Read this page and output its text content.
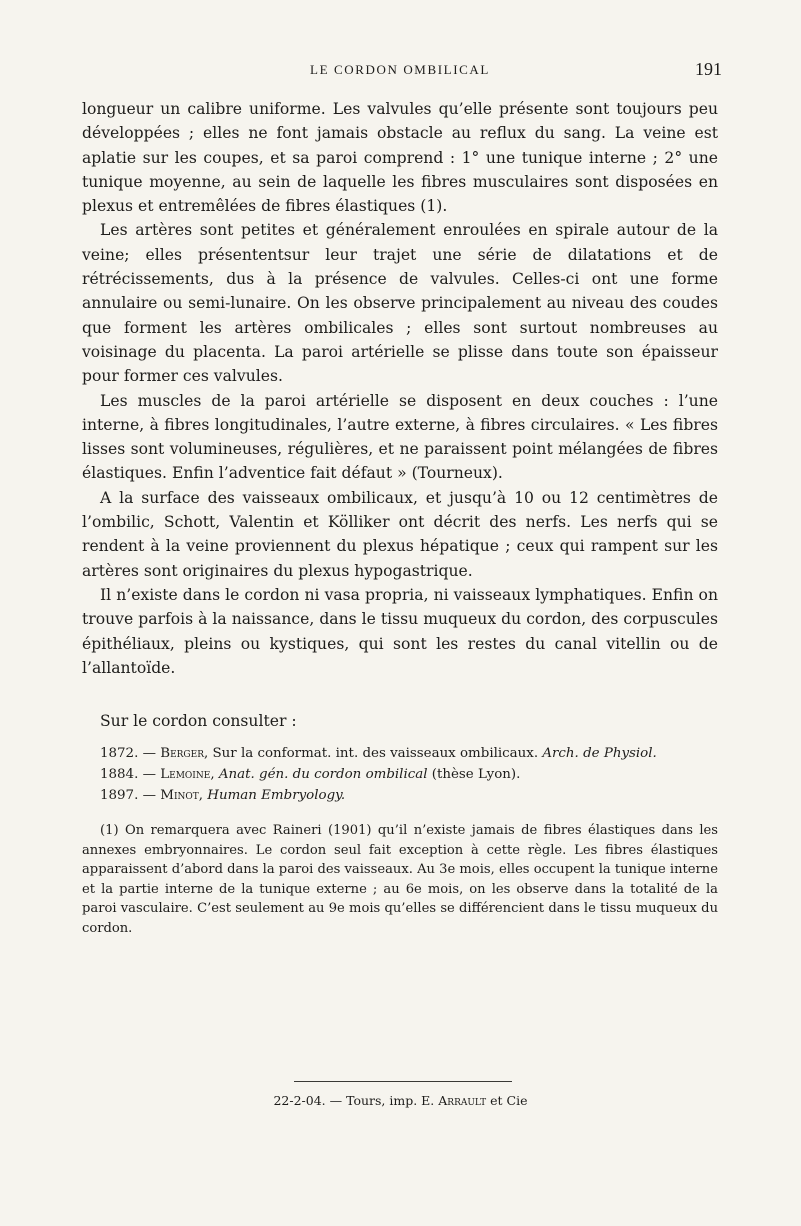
LE CORDON OMBILICAL	191

longueur un calibre uniforme. Les valvules qu’elle présente sont toujours peu développées ; elles ne font jamais obstacle au reflux du sang. La veine est aplatie sur les coupes, et sa paroi comprend : 1° une tunique interne ; 2° une tunique moyenne, au sein de laquelle les fibres musculaires sont disposées en plexus et entremêlées de fibres élastiques (1).

Les artères sont petites et généralement enroulées en spirale autour de la veine; elles présententsur leur trajet une série de dilatations et de rétrécissements, dus à la présence de valvules. Celles-ci ont une forme annulaire ou semi-lunaire. On les observe principalement au niveau des coudes que forment les artères ombilicales ; elles sont surtout nombreuses au voisinage du placenta. La paroi artérielle se plisse dans toute son épaisseur pour former ces valvules.

Les muscles de la paroi artérielle se disposent en deux couches : l’une interne, à fibres longitudinales, l’autre externe, à fibres circulaires. « Les fibres lisses sont volumineuses, régulières, et ne paraissent point mélangées de fibres élastiques. Enfin l’adventice fait défaut » (Tourneux).

A la surface des vaisseaux ombilicaux, et jusqu’à 10 ou 12 centimètres de l’ombilic, Schott, Valentin et Kölliker ont décrit des nerfs. Les nerfs qui se rendent à la veine proviennent du plexus hépatique ; ceux qui rampent sur les artères sont originaires du plexus hypogastrique.

Il n’existe dans le cordon ni vasa propria, ni vaisseaux lymphatiques. Enfin on trouve parfois à la naissance, dans le tissu muqueux du cordon, des corpuscules épithéliaux, pleins ou kystiques, qui sont les restes du canal vitellin ou de l’allantoïde.

Sur le cordon consulter :
1872. — Berger, Sur la conformat. int. des vaisseaux ombilicaux. Arch. de Physiol.
1884. — Lemoine, Anat. gén. du cordon ombilical (thèse Lyon).
1897. — Minot, Human Embryology.

(1) On remarquera avec Raineri (1901) qu’il n’existe jamais de fibres élastiques dans les annexes embryonnaires. Le cordon seul fait exception à cette règle. Les fibres élastiques apparaissent d’abord dans la paroi des vaisseaux. Au 3e mois, elles occupent la tunique interne et la partie interne de la tunique externe ; au 6e mois, on les observe dans la totalité de la paroi vasculaire. C’est seulement au 9e mois qu’elles se différencient dans le tissu muqueux du cordon.

22-2-04. — Tours, imp. E. Arrault et Cie
